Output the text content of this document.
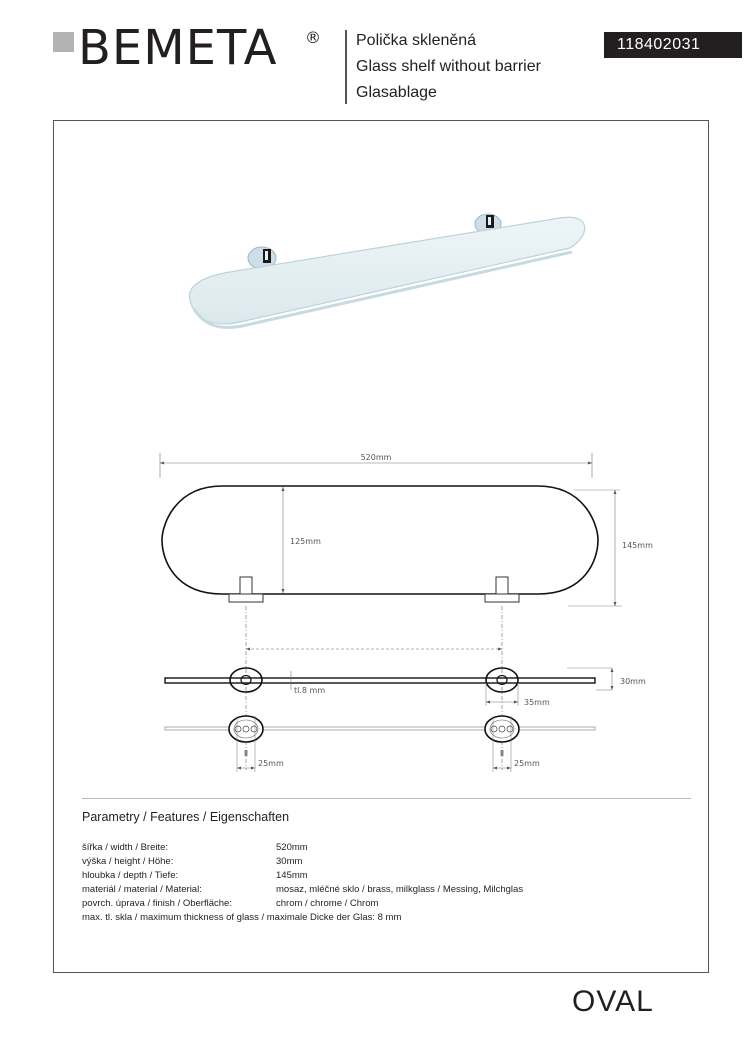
BEMETA ® Polička skleněná
Glass shelf without barrier
Glasablage
118402031
520mm
125mm	145mm
tl.8 mm
30mm
35mm
25mm	25mm
Parametry / Features / Eigenschaften
šířka / width / Breite:	520mm
výška / height / Höhe:	30mm
hloubka / depth / Tiefe:	145mm
materiál / material / Material:	mosaz, mléčné sklo / brass, milkglass / Messing, Milchglas
povrch. úprava / finish / Oberfläche:	chrom / chrome / Chrom
max. tl. skla / maximum thickness of glass / maximale Dicke der Glas: 8 mm
OVAL
